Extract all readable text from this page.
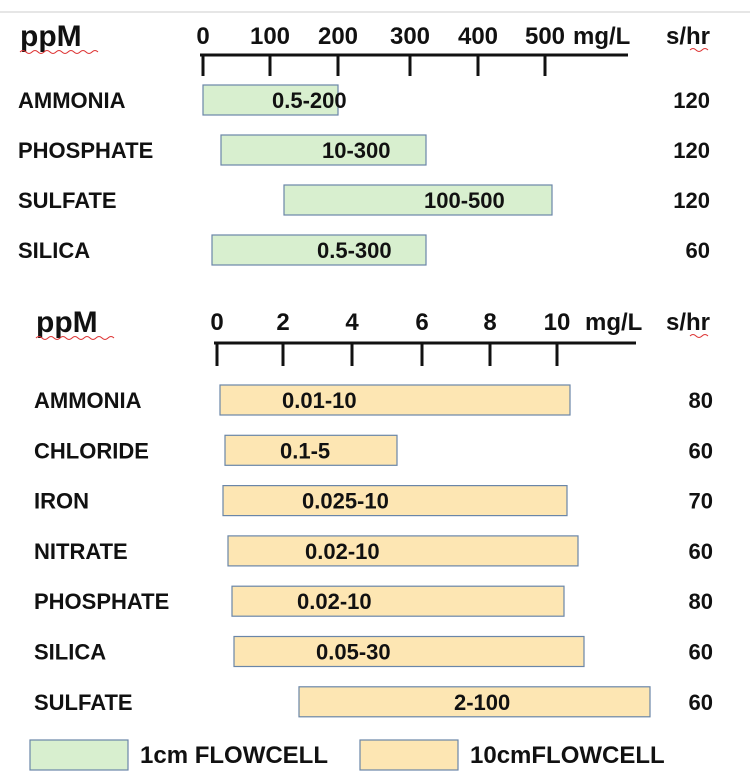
ppM	0 100 200 300 400 500 mg/L s/hr
AMMONIA	0.5-200	120
PHOSPHATE	10-300	120
SULFATE	100-500	120
SILICA	0.5-300	60
ppM	0 2 4 6 8 10 mg/L s/hr
AMMONIA	0.01-10	80
CHLORIDE	0.1-5	60
IRON	0.025-10	70
NITRATE	0.02-10	60
PHOSPHATE	0.02-10	80
SILICA	0.05-30	60
SULFATE	2-100	60
1cm FLOWCELL	10cmFLOWCELL
